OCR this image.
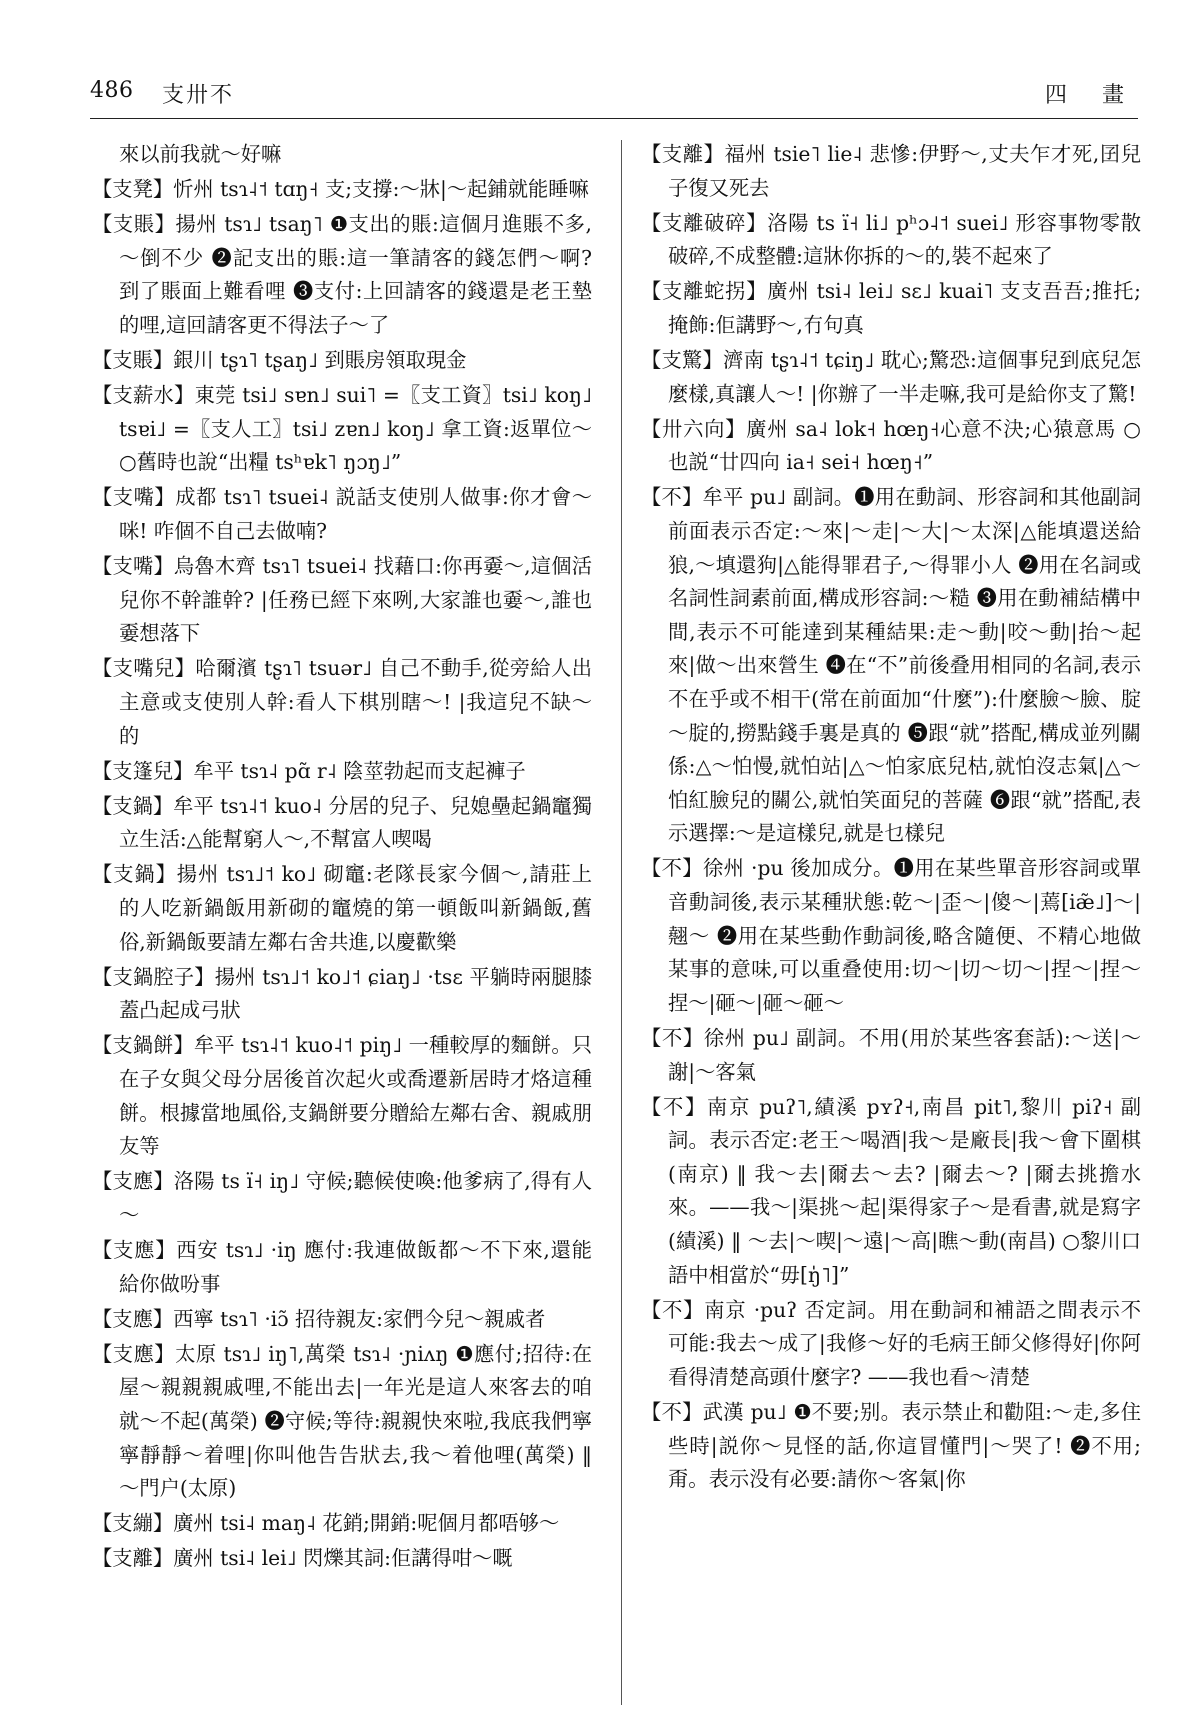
486 支卅不	四 畫

來以前我就～好嘛

【支凳】忻州 tsɿ˨˦ tɑŋ˧ 支;支撐:～牀|～起鋪就能睡嘛

【支賬】揚州 tsɿ˩ tsaŋ˥ ❶支出的賬:這個月進賬不多,～倒不少 ❷記支出的賬:這一筆請客的錢怎們～啊? 到了賬面上難看哩 ❸支付:上回請客的錢還是老王墊的哩,這回請客更不得法子～了

【支賬】銀川 tʂɿ˥ tʂaŋ˩ 到賬房領取現金

【支薪水】東莞 tsi˩ sɐn˩ sui˥ =〖支工資〗tsi˩ koŋ˩ tsɐi˩ =〖支人工〗tsi˩ zɐn˩ koŋ˩ 拿工資:返單位～ ○舊時也說“出糧 tsʰɐk˥ ŋɔŋ˩”

【支嘴】成都 tsɿ˥ tsuei˨ 説話支使別人做事:你才會～咪! 咋個不自己去做喃?

【支嘴】烏魯木齊 tsɿ˥ tsuei˨ 找藉口:你再嫑～,這個活兒你不幹誰幹? |任務已經下來咧,大家誰也嫑～,誰也嫑想落下

【支嘴兒】哈爾濱 tʂɿ˥ tsuər˩ 自己不動手,從旁給人出主意或支使別人幹:看人下棋別瞎～! |我這兒不缺～的

【支篷兒】牟平 tsɿ˨ pɑ̃ r˨ 陰莖勃起而支起褲子

【支鍋】牟平 tsɿ˨˦ kuo˨ 分居的兒子、兒媳壘起鍋竈獨立生活:△能幫窮人～,不幫富人喫喝

【支鍋】揚州 tsɿ˩˦ ko˩ 砌竈:老隊長家今個～,請莊上的人吃新鍋飯用新砌的竈燒的第一頓飯叫新鍋飯,舊俗,新鍋飯要請左鄰右舍共進,以慶歡樂

【支鍋腔子】揚州 tsɿ˩˦ ko˩˦ ɕiaŋ˩ ·tsɛ 平躺時兩腿膝蓋凸起成弓狀

【支鍋餅】牟平 tsɿ˨˦ kuo˨˦ piŋ˩ 一種較厚的麵餅。只在子女與父母分居後首次起火或喬遷新居時才烙這種餅。根據當地風俗,支鍋餅要分贈給左鄰右舍、親戚朋友等

【支應】洛陽 ts ï˧ iŋ˩ 守候;聽候使喚:他爹病了,得有人～

【支應】西安 tsɿ˩ ·iŋ 應付:我連做飯都～不下來,還能給你做吩事

【支應】西寧 tsɿ˥ ·iɔ̃ 招待親友:家們今兒～親戚者

【支應】太原 tsɿ˩ iŋ˥,萬榮 tsɿ˨ ·ɲiʌŋ ❶應付;招待:在屋～親親親戚哩,不能出去|一年光是這人來客去的咱就～不起(萬榮) ❷守候;等待:親親快來啦,我底我們寧寧靜靜～着哩|你叫他告告狀去,我～着他哩(萬榮) ‖ ～門户(太原)

【支繃】廣州 tsi˨ maŋ˨ 花銷;開銷:呢個月都唔够～

【支離】廣州 tsi˨ lei˩ 閃爍其詞:佢講得咁～嘅

【支離】福州 tsie˥ lie˨ 悲慘:伊野～,丈夫乍才死,囝兒子復又死去

【支離破碎】洛陽 ts ï˧ li˩ pʰɔ˨˦ suei˩ 形容事物零散破碎,不成整體:這牀你拆的～的,裝不起來了

【支離蛇拐】廣州 tsi˨ lei˩ sɛ˩ kuai˥ 支支吾吾;推托;掩飾:佢講野～,冇句真

【支驚】濟南 tʂɿ˨˦ tɕiŋ˩ 耽心;驚恐:這個事兒到底兒怎麼樣,真讓人～! |你辦了一半走嘛,我可是給你支了驚!

【卅六向】廣州 sa˨ lok˧ hœŋ˧心意不決;心猿意馬 ○也説“廿四向 ia˧ sei˧ hœŋ˧”

【不】牟平 pu˩ 副詞。❶用在動詞、形容詞和其他副詞前面表示否定:～來|～走|～大|～太深|△能填還送給狼,～填還狗|△能得罪君子,～得罪小人 ❷用在名詞或名詞性詞素前面,構成形容詞:～糙 ❸用在動補結構中間,表示不可能達到某種結果:走～動|咬～動|抬～起來|做～出來營生 ❹在“不”前後叠用相同的名詞,表示不在乎或不相干(常在前面加“什麼”):什麼臉～臉、腚～腚的,撈點錢手裏是真的 ❺跟“就”搭配,構成並列關係:△～怕慢,就怕站|△～怕家底兒枯,就怕沒志氣|△～怕紅臉兒的關公,就怕笑面兒的菩薩 ❻跟“就”搭配,表示選擇:～是這樣兒,就是乜樣兒

【不】徐州 ·pu 後加成分。❶用在某些單音形容詞或單音動詞後,表示某種狀態:乾～|歪～|傻～|蔫[iæ̃˩]～|翹～ ❷用在某些動作動詞後,略含隨便、不精心地做某事的意味,可以重叠使用:切～|切～切～|捏～|捏～捏～|砸～|砸～砸～

【不】徐州 pu˩ 副詞。不用(用於某些客套話):～送|～謝|～客氣

【不】南京 puʔ˥,績溪 pʏʔ˧,南昌 pit˥,黎川 piʔ˧ 副詞。表示否定:老王～喝酒|我～是廠長|我～會下圍棋(南京) ‖ 我～去|爾去～去? |爾去～? |爾去挑擔水來。——我～|渠挑～起|渠得家子～是看書,就是寫字(績溪) ‖ ～去|～喫|～遠|～高|瞧～動(南昌) ○黎川口語中相當於“毋[ŋ̍˥]”

【不】南京 ·puʔ 否定詞。用在動詞和補語之間表示不可能:我去～成了|我修～好的毛病王師父修得好|你阿看得清楚高頭什麼字? ——我也看～清楚

【不】武漢 pu˩ ❶不要;别。表示禁止和勸阻:～走,多住些時|説你～見怪的話,你這冒懂門|～哭了! ❷不用;甭。表示没有必要:請你～客氣|你
